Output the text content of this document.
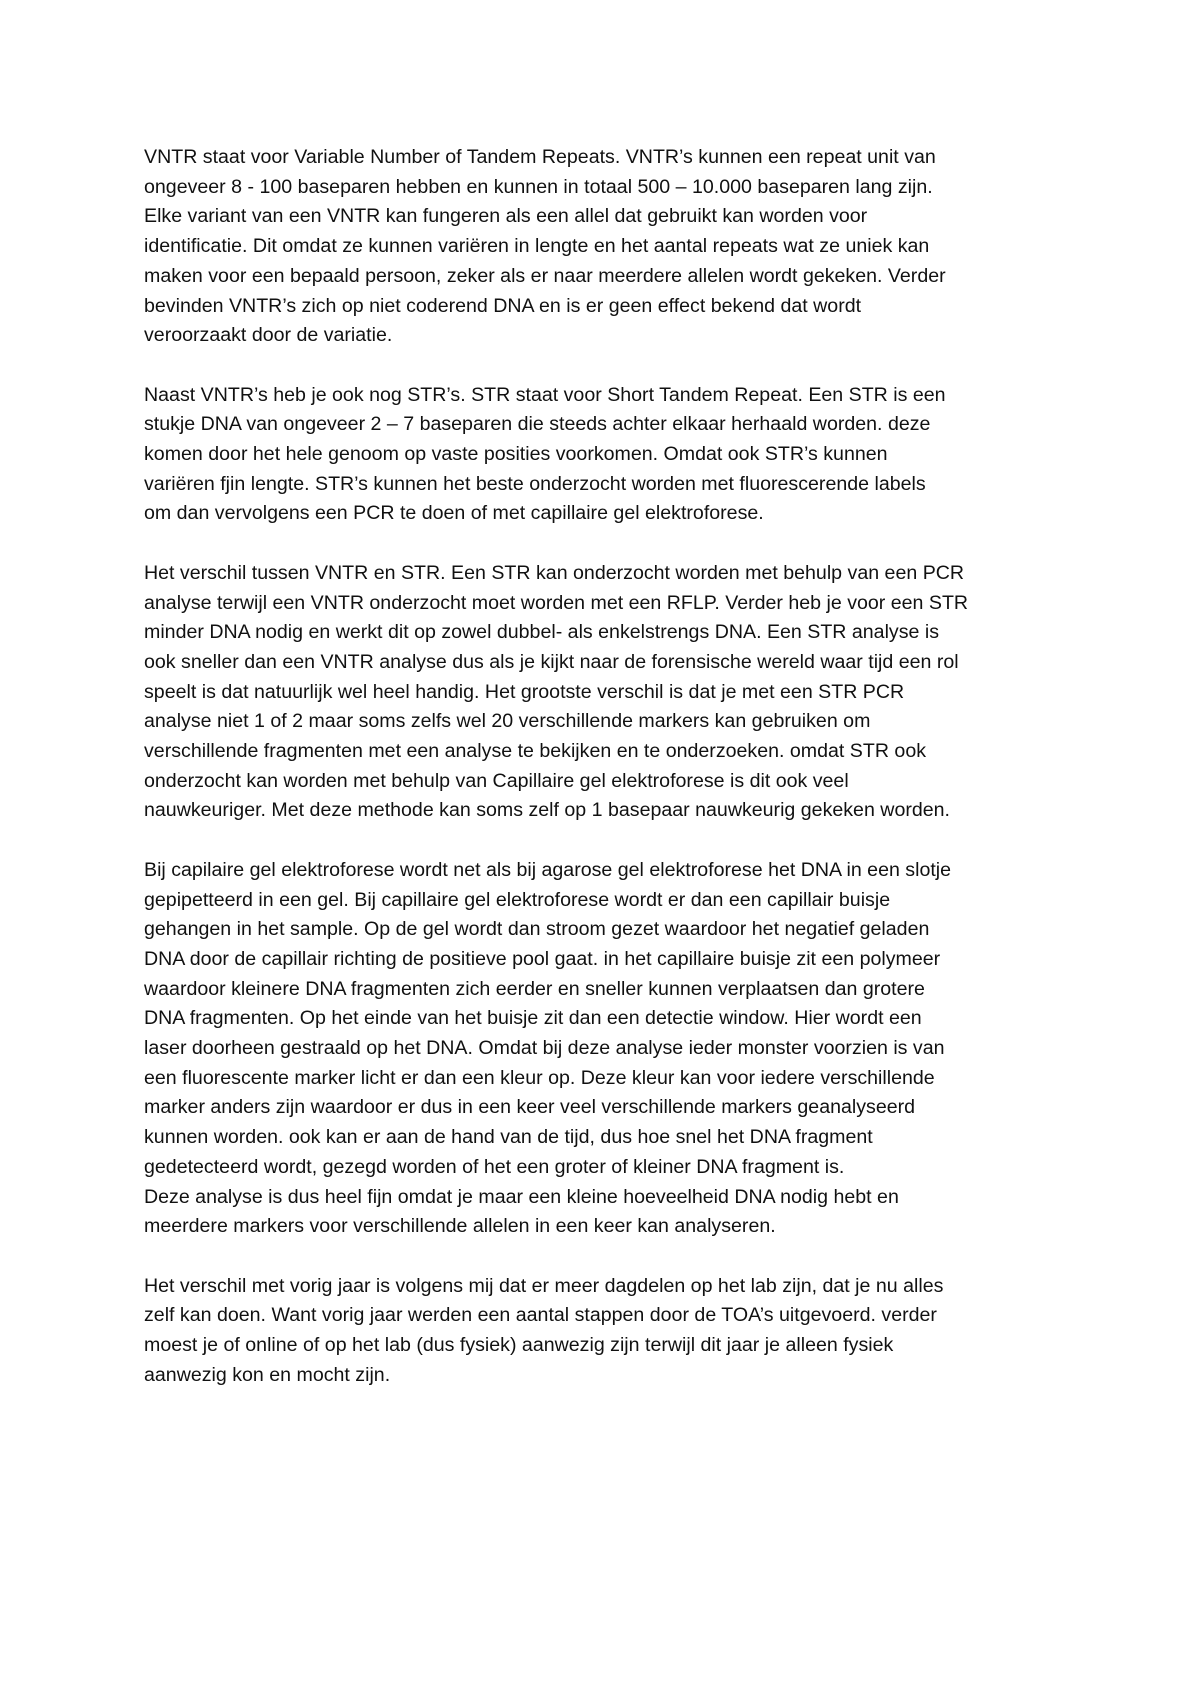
VNTR staat voor Variable Number of Tandem Repeats. VNTR’s kunnen een repeat unit van
ongeveer 8 - 100 baseparen hebben en kunnen in totaal 500 – 10.000 baseparen lang zijn.
Elke variant van een VNTR kan fungeren als een allel dat gebruikt kan worden voor
identificatie. Dit omdat ze kunnen variëren in lengte en het aantal repeats wat ze uniek kan
maken voor een bepaald persoon, zeker als er naar meerdere allelen wordt gekeken. Verder
bevinden VNTR’s zich op niet coderend DNA en is er geen effect bekend dat wordt
veroorzaakt door de variatie.

Naast VNTR’s heb je ook nog STR’s. STR staat voor Short Tandem Repeat. Een STR is een
stukje DNA van ongeveer 2 – 7 baseparen die steeds achter elkaar herhaald worden. deze
komen door het hele genoom op vaste posities voorkomen. Omdat ook STR’s kunnen
variëren fjin lengte. STR’s kunnen het beste onderzocht worden met fluorescerende labels
om dan vervolgens een PCR te doen of met capillaire gel elektroforese.

Het verschil tussen VNTR en STR. Een STR kan onderzocht worden met behulp van een PCR
analyse terwijl een VNTR onderzocht moet worden met een RFLP. Verder heb je voor een STR
minder DNA nodig en werkt dit op zowel dubbel- als enkelstrengs DNA. Een STR analyse is
ook sneller dan een VNTR analyse dus als je kijkt naar de forensische wereld waar tijd een rol
speelt is dat natuurlijk wel heel handig. Het grootste verschil is dat je met een STR PCR
analyse niet 1 of 2 maar soms zelfs wel 20 verschillende markers kan gebruiken om
verschillende fragmenten met een analyse te bekijken en te onderzoeken. omdat STR ook
onderzocht kan worden met behulp van Capillaire gel elektroforese is dit ook veel
nauwkeuriger. Met deze methode kan soms zelf op 1 basepaar nauwkeurig gekeken worden.

Bij capilaire gel elektroforese wordt net als bij agarose gel elektroforese het DNA in een slotje
gepipetteerd in een gel. Bij capillaire gel elektroforese wordt er dan een capillair buisje
gehangen in het sample. Op de gel wordt dan stroom gezet waardoor het negatief geladen
DNA door de capillair richting de positieve pool gaat. in het capillaire buisje zit een polymeer
waardoor kleinere DNA fragmenten zich eerder en sneller kunnen verplaatsen dan grotere
DNA fragmenten. Op het einde van het buisje zit dan een detectie window. Hier wordt een
laser doorheen gestraald op het DNA. Omdat bij deze analyse ieder monster voorzien is van
een fluorescente marker licht er dan een kleur op. Deze kleur kan voor iedere verschillende
marker anders zijn waardoor er dus in een keer veel verschillende markers geanalyseerd
kunnen worden. ook kan er aan de hand van de tijd, dus hoe snel het DNA fragment
gedetecteerd wordt, gezegd worden of het een groter of kleiner DNA fragment is.
Deze analyse is dus heel fijn omdat je maar een kleine hoeveelheid DNA nodig hebt en
meerdere markers voor verschillende allelen in een keer kan analyseren.

Het verschil met vorig jaar is volgens mij dat er meer dagdelen op het lab zijn, dat je nu alles
zelf kan doen. Want vorig jaar werden een aantal stappen door de TOA’s uitgevoerd. verder
moest je of online of op het lab (dus fysiek) aanwezig zijn terwijl dit jaar je alleen fysiek
aanwezig kon en mocht zijn.
